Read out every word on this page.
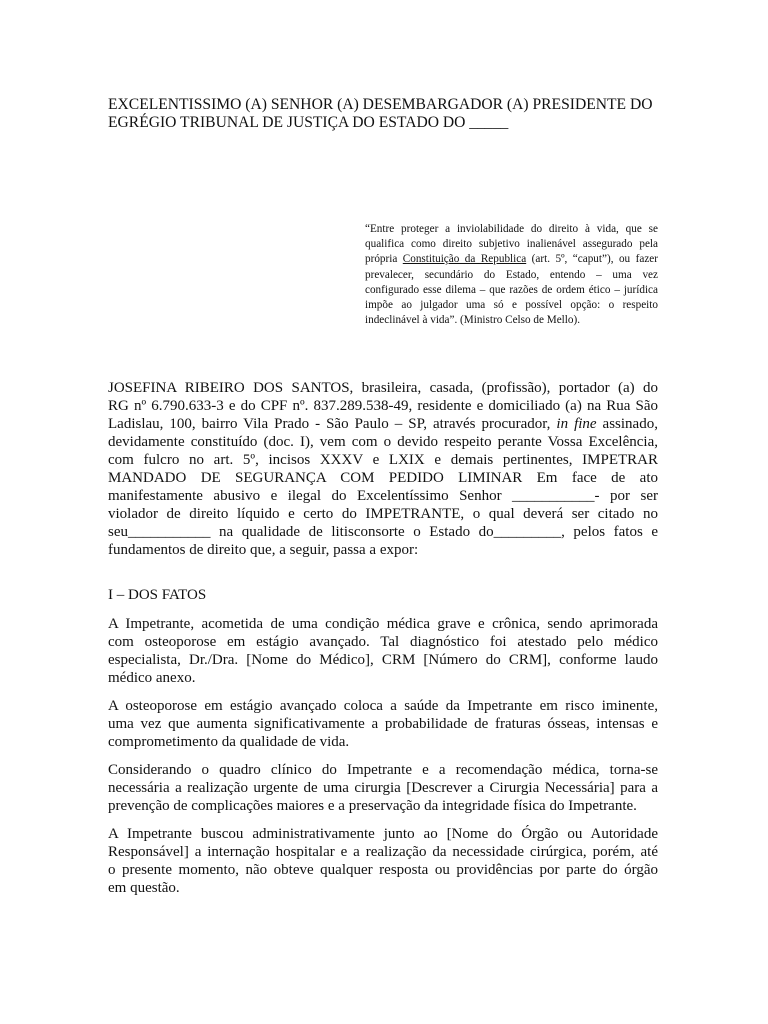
EXCELENTISSIMO (A) SENHOR (A) DESEMBARGADOR (A) PRESIDENTE DO
EGRÉGIO TRIBUNAL DE JUSTIÇA DO ESTADO DO _____
“Entre proteger a inviolabilidade do direito à vida, que se qualifica como direito subjetivo inalienável assegurado pela própria Constituição da Republica (art. 5º, “caput”), ou fazer prevalecer, secundário do Estado, entendo – uma vez configurado esse dilema – que razões de ordem ético – jurídica impõe ao julgador uma só e possível opção: o respeito indeclinável à vida”. (Ministro Celso de Mello).
JOSEFINA RIBEIRO DOS SANTOS, brasileira, casada, (profissão), portador (a) do
RG nº 6.790.633-3 e do CPF nº. 837.289.538-49, residente e domiciliado (a) na Rua São
Ladislau, 100, bairro Vila Prado - São Paulo – SP, através procurador, in fine assinado,
devidamente constituído (doc. I), vem com o devido respeito perante Vossa Excelência,
com fulcro no art. 5º, incisos XXXV e LXIX e demais pertinentes, IMPETRAR
MANDADO DE SEGURANÇA COM PEDIDO LIMINAR Em face de ato
manifestamente abusivo e ilegal do Excelentíssimo Senhor ___________- por ser
violador de direito líquido e certo do IMPETRANTE, o qual deverá ser citado no
seu___________ na qualidade de litisconsorte o Estado do_________, pelos fatos e
fundamentos de direito que, a seguir, passa a expor:
I – DOS FATOS

A Impetrante, acometida de uma condição médica grave e crônica, sendo aprimorada
com osteoporose em estágio avançado. Tal diagnóstico foi atestado pelo médico
especialista, Dr./Dra. [Nome do Médico], CRM [Número do CRM], conforme laudo
médico anexo.

A osteoporose em estágio avançado coloca a saúde da Impetrante em risco iminente,
uma vez que aumenta significativamente a probabilidade de fraturas ósseas, intensas e
comprometimento da qualidade de vida.

Considerando o quadro clínico do Impetrante e a recomendação médica, torna-se
necessária a realização urgente de uma cirurgia [Descrever a Cirurgia Necessária] para a
prevenção de complicações maiores e a preservação da integridade física do Impetrante.

A Impetrante buscou administrativamente junto ao [Nome do Órgão ou Autoridade
Responsável] a internação hospitalar e a realização da necessidade cirúrgica, porém, até
o presente momento, não obteve qualquer resposta ou providências por parte do órgão
em questão.
